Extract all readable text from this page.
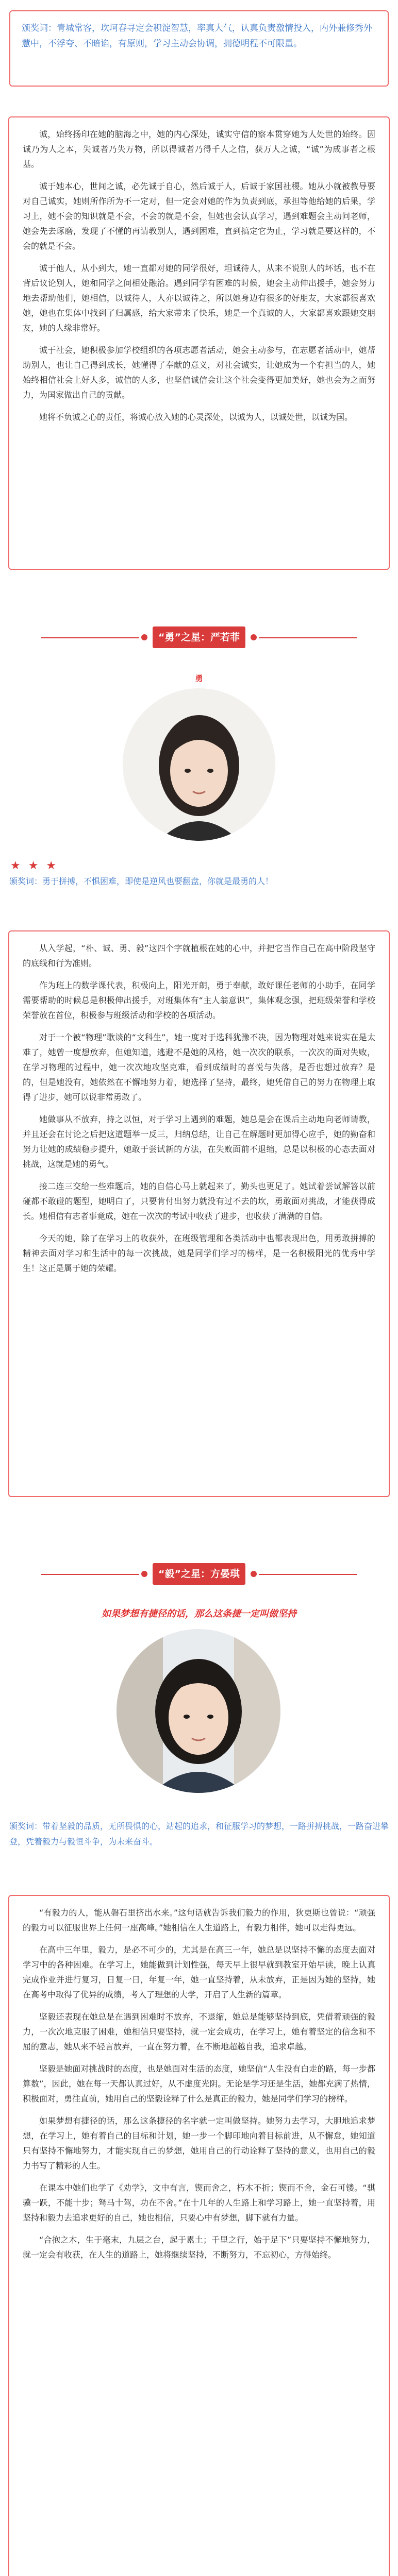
颁奖词：青城常客，坎坷春寻定会积淀智慧，率真大气，认真负责激情投入，内外兼修秀外慧中，不浮夸、不暗谄，有原则，学习主动会协调，拥德明程不可限量。

诚，始终扬印在她的脑海之中，她的内心深处，诚实守信的察本贯穿她为人处世的始终。因诚乃为人之本，失诚者乃失万物，所以得诚者乃得千人之信，获万人之诚，“诚”为成事者之根基。

诚于她本心，世间之诚，必先诚于自心，然后诚于人，后诚于家国社稷。她从小就被教导要对自己诚实，她则所作所为不一定对，但一定会对她的作为负责到底，承担等他给她的后果，学习上，她不会的知识就是不会，不会的就是不会，但她也会认真学习，遇到难题会主动问老师，她会先去琢磨，发现了不懂的再请教别人，遇到困难，直到搞定它为止，学习就是要这样的，不会的就是不会。

诚于他人，从小到大，她一直都对她的同学很好，坦诚待人，从来不说别人的坏话，也不在背后议论别人，她和同学之间相处融洽。遇到同学有困难的时候，她会主动伸出援手，她会努力地去帮助他们，她相信，以诚待人，人亦以诚待之，所以她身边有很多的好朋友，大家都很喜欢她，她也在集体中找到了归属感，给大家带来了快乐，她是一个真诚的人，大家都喜欢跟她交朋友，她的人缘非常好。

诚于社会，她积极参加学校组织的各项志愿者活动，她会主动参与，在志愿者活动中，她帮助别人，也让自己得到成长，她懂得了奉献的意义，对社会诚实，让她成为一个有担当的人，她始终相信社会上好人多，诚信的人多，也坚信诚信会让这个社会变得更加美好，她也会为之而努力，为国家做出自己的贡献。

她将不负诚之心的责任，将诚心放入她的心灵深处，以诚为人，以诚处世，以诚为国。

“勇”之星：严若菲
勇
★ ★ ★
颁奖词：勇于拼搏，不惧困难，即使是逆风也要翻盘，你就是最勇的人！

从入学起，“朴、诚、勇、毅”这四个字就植根在她的心中，并把它当作自己在高中阶段坚守的底线和行为准则。

作为班上的数学课代表，积极向上，阳光开朗，勇于奉献，敢好课任老师的小助手，在同学需要帮助的时候总是积极伸出援手，对班集体有“主人翁意识”，集体观念强，把班级荣誉和学校荣誉放在首位，积极参与班级活动和学校的各项活动。

对于一个被“物理”歌谈的“文科生”，她一度对于选科犹豫不决，因为物理对她来说实在是太难了，她曾一度想放弃，但她知道，逃避不是她的风格，她一次次的联系，一次次的面对失败，在学习物理的过程中，她一次次地攻坚克难，看到成绩时的喜悦与失落，是否也想过放弃？是的，但是她没有，她依然在不懈地努力着，她选择了坚持，最终，她凭借自己的努力在物理上取得了进步，她可以说非常勇敢了。

她做事从不放弃，持之以恒，对于学习上遇到的难题，她总是会在课后主动地向老师请教，并且还会在讨论之后把这道题举一反三，归纳总结，让自己在解题时更加得心应手，她的勤奋和努力让她的成绩稳步提升，她敢于尝试新的方法，在失败面前不退缩，总是以积极的心态去面对挑战，这就是她的勇气。

接二连三交给一些难题后，她的自信心马上就起来了，勤头也更足了。她试着尝试解答以前碰都不敢碰的题型，她明白了，只要肯付出努力就没有过不去的坎，勇敢面对挑战，才能获得成长。她相信有志者事竟成，她在一次次的考试中收获了进步，也收获了满满的自信。

今天的她，除了在学习上的收获外，在班级管理和各类活动中也都表现出色，用勇敢拼搏的精神去面对学习和生活中的每一次挑战，她是同学们学习的榜样，是一名积极阳光的优秀中学生！这正是属于她的荣耀。

“毅”之星：方晏琪
如果梦想有捷径的话，那么这条捷一定叫做坚持
颁奖词：带着坚毅的品质，无所畏惧的心，站起的追求，和征服学习的梦想，一路拼搏挑战，一路奋进攀登，凭着毅力与毅恒斗争，为未来奋斗。

“有毅力的人，能从磐石里挤出水来。”这句话就告诉我们毅力的作用，狄更斯也曾说：“顽强的毅力可以征服世界上任何一座高峰。”她相信在人生道路上，有毅力相伴，她可以走得更远。

在高中三年里，毅力，是必不可少的，尤其是在高三一年，她总是以坚持不懈的态度去面对学习中的各种困难。在学习上，她能做到计划性强，每天早上很早就到教室开始早读，晚上认真完成作业并进行复习，日复一日，年复一年，她一直坚持着，从未放弃，正是因为她的坚持，她在高考中取得了优异的成绩，考入了理想的大学，开启了人生新的篇章。

坚毅还表现在她总是在遇到困难时不放弃，不退缩，她总是能够坚持到底，凭借着顽强的毅力，一次次地克服了困难，她相信只要坚持，就一定会成功，在学习上，她有着坚定的信念和不屈的意志，她从来不轻言放弃，一直在努力着，在不断地超越自我，追求卓越。

坚毅是她面对挑战时的态度，也是她面对生活的态度，她坚信“人生没有白走的路，每一步都算数”，因此，她在每一天都认真过好，从不虚度光阴。无论是学习还是生活，她都充满了热情，积极面对，勇往直前，她用自己的坚毅诠释了什么是真正的毅力，她是同学们学习的榜样。

如果梦想有捷径的话，那么这条捷径的名字就一定叫做坚持。她努力去学习，大胆地追求梦想，在学习上，她有着自己的目标和计划，她一步一个脚印地向着目标前进，从不懈怠，她知道只有坚持不懈地努力，才能实现自己的梦想，她用自己的行动诠释了坚持的意义，也用自己的毅力书写了精彩的人生。

在课本中她们也学了《劝学》，文中有言，锲而舍之，朽木不折；锲而不舍，金石可镂。“骐骥一跃，不能十步；驽马十驾，功在不舍。”在十几年的人生路上和学习路上，她一直坚持着，用坚持和毅力去追求更好的自己，她也相信，只要心中有梦想，脚下就有力量。

“合抱之木，生于毫末，九层之台，起于累土；千里之行，始于足下”只要坚持不懈地努力，就一定会有收获，在人生的道路上，她将继续坚持，不断努力，不忘初心，方得始终。
